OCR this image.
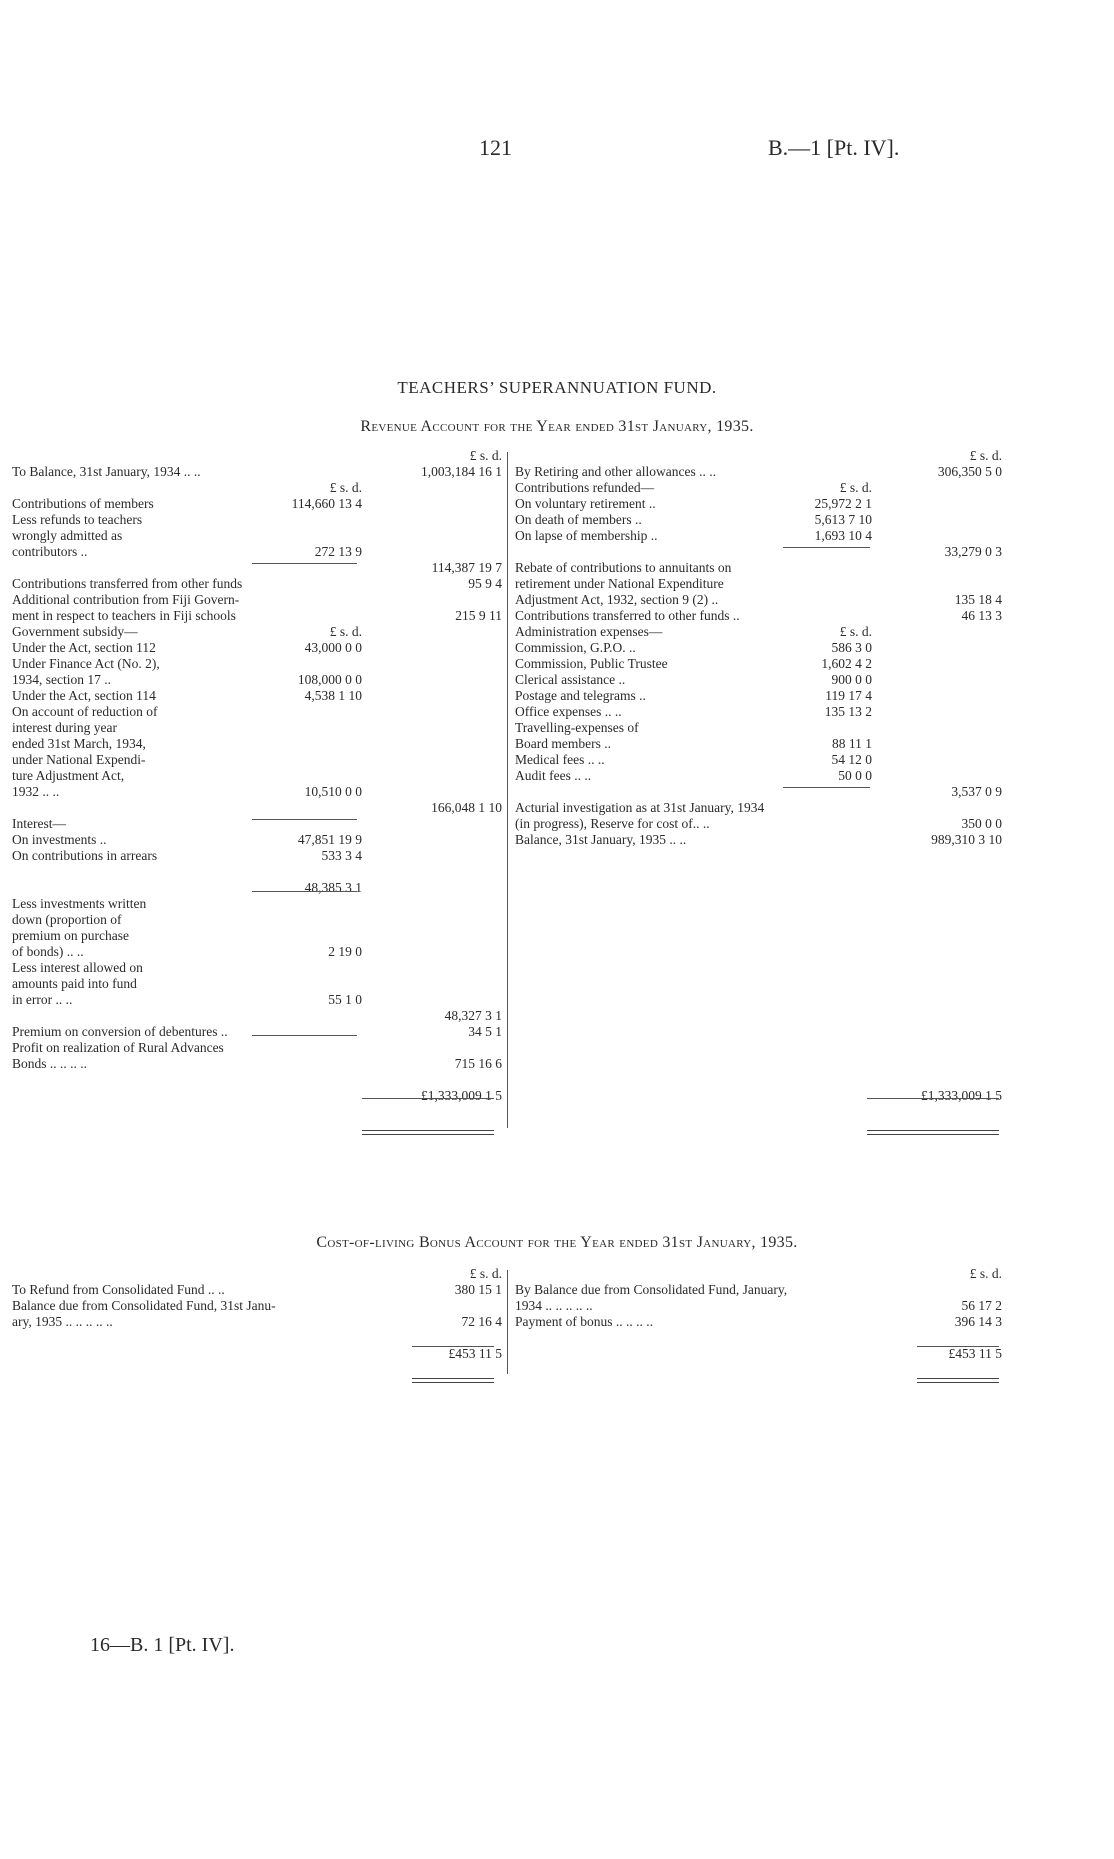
121	B.—1 [Pt. IV].
TEACHERS’ SUPERANNUATION FUND.
Revenue Account for the Year ended 31st January, 1935.
£ s. d.
To Balance, 31st January, 1934 .. ..	1,003,184 16 1
£ s. d.
Contributions of members	114,660 13 4
Less refunds to teachers
wrongly admitted as
contributors ..	272 13 9
114,387 19 7
Contributions transferred from other funds	95 9 4
Additional contribution from Fiji Govern-
ment in respect to teachers in Fiji schools	215 9 11
Government subsidy—	£ s. d.
Under the Act, section 112	43,000 0 0
Under Finance Act (No. 2),
1934, section 17 ..	108,000 0 0
Under the Act, section 114	4,538 1 10
On account of reduction of
interest during year
ended 31st March, 1934,
under National Expendi-
ture Adjustment Act,
1932 .. ..	10,510 0 0
166,048 1 10
Interest—
On investments ..	47,851 19 9
On contributions in arrears	533 3 4
48,385 3 1
Less investments written
down (proportion of
premium on purchase
of bonds) .. ..	2 19 0
Less interest allowed on
amounts paid into fund
in error .. ..	55 1 0
48,327 3 1
Premium on conversion of debentures ..	34 5 1
Profit on realization of Rural Advances
Bonds .. .. .. ..	715 16 6
£1,333,009 1 5
£ s. d.
By Retiring and other allowances .. ..	306,350 5 0
Contributions refunded—	£ s. d.
On voluntary retirement ..	25,972 2 1
On death of members ..	5,613 7 10
On lapse of membership ..	1,693 10 4
33,279 0 3
Rebate of contributions to annuitants on
retirement under National Expenditure
Adjustment Act, 1932, section 9 (2) ..	135 18 4
Contributions transferred to other funds ..	46 13 3
Administration expenses—	£ s. d.
Commission, G.P.O. ..	586 3 0
Commission, Public Trustee	1,602 4 2
Clerical assistance ..	900 0 0
Postage and telegrams ..	119 17 4
Office expenses .. ..	135 13 2
Travelling-expenses of
Board members ..	88 11 1
Medical fees .. ..	54 12 0
Audit fees .. ..	50 0 0
3,537 0 9
Acturial investigation as at 31st January, 1934
(in progress), Reserve for cost of.. ..	350 0 0
Balance, 31st January, 1935 .. ..	989,310 3 10
£1,333,009 1 5
Cost-of-living Bonus Account for the Year ended 31st January, 1935.
£ s. d.
To Refund from Consolidated Fund .. ..	380 15 1
Balance due from Consolidated Fund, 31st Janu-
ary, 1935 .. .. .. .. ..	72 16 4
£453 11 5
£ s. d.
By Balance due from Consolidated Fund, January,
1934 .. .. .. .. ..	56 17 2
Payment of bonus .. .. .. ..	396 14 3
£453 11 5
16—B. 1 [Pt. IV].
